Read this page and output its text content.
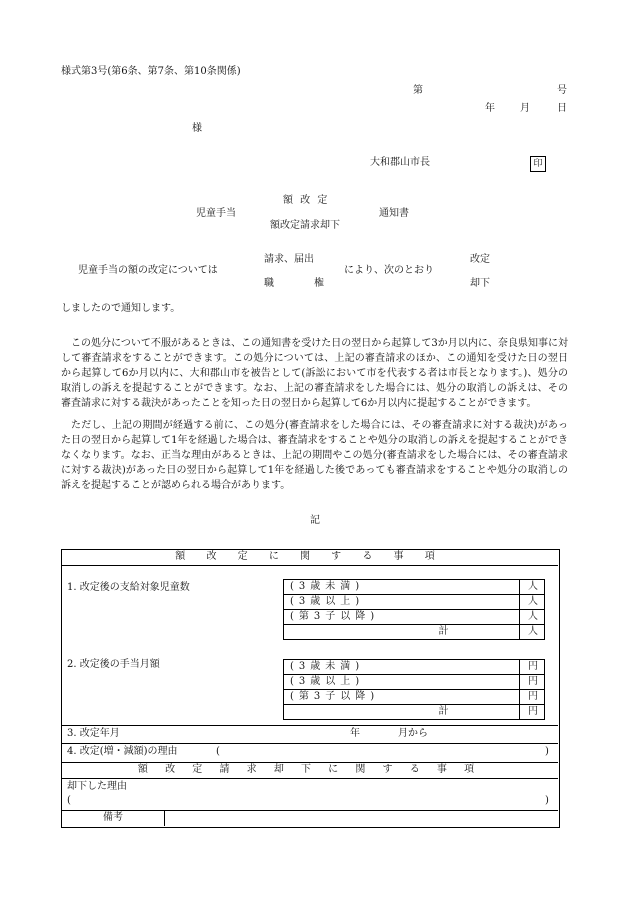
様式第3号(第6条、第7条、第10条関係)
第	号
年	月	日
様
大和郡山市長	印
額 改 定
児童手当	通知書
額改定請求却下
請求、届出	改定
児童手当の額の改定については	により、次のとおり
職	権	却下
しましたので通知します。
この処分について不服があるときは、この通知書を受けた日の翌日から起算して3か月以内に、奈良県知事に対して審査請求をすることができます。この処分については、上記の審査請求のほか、この通知を受けた日の翌日から起算して6か月以内に、大和郡山市を被告として(訴訟において市を代表する者は市長となります。)、処分の取消しの訴えを提起することができます。なお、上記の審査請求をした場合には、処分の取消しの訴えは、その審査請求に対する裁決があったことを知った日の翌日から起算して6か月以内に提起することができます。
ただし、上記の期間が経過する前に、この処分(審査請求をした場合には、その審査請求に対する裁決)があった日の翌日から起算して1年を経過した場合は、審査請求をすることや処分の取消しの訴えを提起することができなくなります。なお、正当な理由があるときは、上記の期間やこの処分(審査請求をした場合には、その審査請求に対する裁決)があった日の翌日から起算して1年を経過した後であっても審査請求をすることや処分の取消しの訴えを提起することが認められる場合があります。
記
額 改 定 に 関 す る 事 項
1. 改定後の支給対象児童数	(3歳未満)	人
(3歳以上)	人
(第3子以降)	人
計	人
2. 改定後の手当月額	(3歳未満)	円
(3歳以上)	円
(第3子以降)	円
計	円
3. 改定年月	年	月から
4. 改定(増・減額)の理由	(	)
額 改 定 請 求 却 下 に 関 す る 事 項
却下した理由
(	)
備考
